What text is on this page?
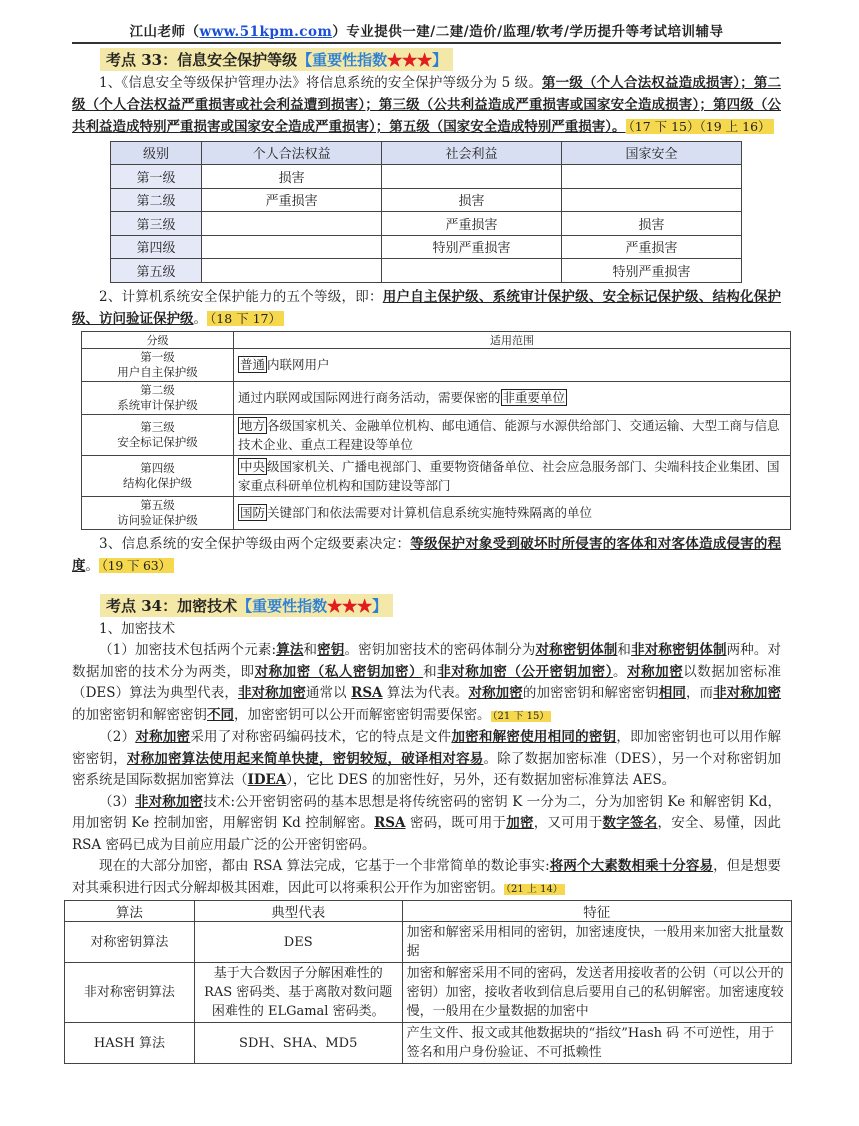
江山老师（www.51kpm.com）专业提供一建/二建/造价/监理/软考/学历提升等考试培训辅导
考点 33：信息安全保护等级【重要性指数★★★】

1、《信息安全等级保护管理办法》将信息系统的安全保护等级分为 5 级。第一级（个人合法权益造成损害）；第二级（个人合法权益严重损害或社会利益遭到损害）；第三级（公共利益造成严重损害或国家安全造成损害）；第四级（公共利益造成特别严重损害或国家安全造成严重损害）；第五级（国家安全造成特别严重损害）。 （17 下 15）（19 上 16）

级别	个人合法权益	社会利益	国家安全
第一级	损害		
第二级	严重损害	损害	
第三级		严重损害	损害
第四级		特别严重损害	严重损害
第五级			特别严重损害

2、计算机系统安全保护能力的五个等级，即：用户自主保护级、系统审计保护级、安全标记保护级、结构化保护级、访问验证保护级。 （18 下 17）

分级	适用范围

第一级
用户自主保护级	普通 内联网用户

第二级
系统审计保护级	通过内联网或国际网进行商务活动，需要保密的 非重要单位

第三级
安全标记保护级	地方 各级国家机关、金融单位机构、邮电通信、能源与水源供给部门、交通运输、大型工商与信息技术企业、重点工程建设等单位

第四级
结构化保护级	中央 级国家机关、广播电视部门、重要物资储备单位、社会应急服务部门、尖端科技企业集团、国家重点科研单位机构和国防建设等部门

第五级
访问验证保护级	国防 关键部门和依法需要对计算机信息系统实施特殊隔离的单位

3、信息系统的安全保护等级由两个定级要素决定：等级保护对象受到破坏时所侵害的客体和对客体造成侵害的程度。 （19 下 63）

考点 34：加密技术【重要性指数★★★】

1、加密技术

（1）加密技术包括两个元素:算法和密钥。密钥加密技术的密码体制分为对称密钥体制和非对称密钥体制两种。对数据加密的技术分为两类，即对称加密（私人密钥加密）和非对称加密（公开密钥加密）。对称加密以数据加密标准（DES）算法为典型代表，非对称加密通常以 RSA 算法为代表。对称加密的加密密钥和解密密钥相同，而非对称加密的加密密钥和解密密钥不同，加密密钥可以公开而解密密钥需要保密。 （21 下 15）

（2）对称加密采用了对称密码编码技术，它的特点是文件加密和解密使用相同的密钥，即加密密钥也可以用作解密密钥，对称加密算法使用起来简单快捷，密钥较短，破译相对容易。除了数据加密标准（DES），另一个对称密钥加密系统是国际数据加密算法（IDEA），它比 DES 的加密性好，另外，还有数据加密标准算法 AES。

（3）非对称加密技术:公开密钥密码的基本思想是将传统密码的密钥 K 一分为二，分为加密钥 Ke 和解密钥 Kd，用加密钥 Ke 控制加密，用解密钥 Kd 控制解密。RSA 密码，既可用于加密，又可用于数字签名，安全、易懂，因此 RSA 密码已成为目前应用最广泛的公开密钥密码。

现在的大部分加密，都由 RSA 算法完成，它基于一个非常简单的数论事实:将两个大素数相乘十分容易，但是想要对其乘积进行因式分解却极其困难，因此可以将乘积公开作为加密密钥。 （21 上 14）

算法	典型代表	特征
对称密钥算法	DES	加密和解密采用相同的密钥，加密速度快，一般用来加密大批量数据
非对称密钥算法	基于大合数因子分解困难性的 RAS 密码类、基于离散对数问题困难性的 ELGamal 密码类。	加密和解密采用不同的密码，发送者用接收者的公钥（可以公开的密钥）加密，接收者收到信息后要用自己的私钥解密。加密速度较慢，一般用在少量数据的加密中
HASH 算法	SDH、SHA、MD5	产生文件、报文或其他数据块的“指纹”Hash 码 不可逆性，用于签名和用户身份验证、不可抵赖性
